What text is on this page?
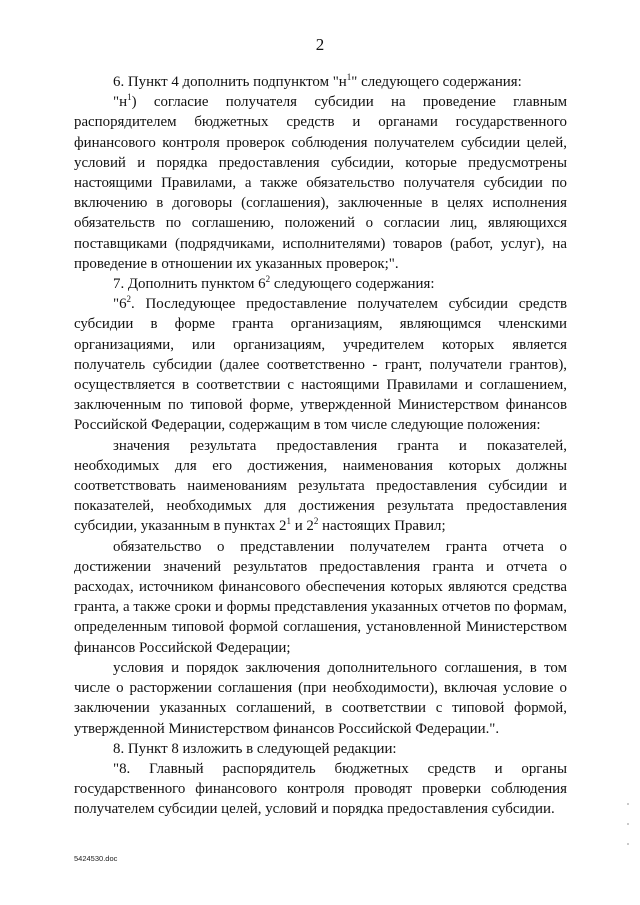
2

6. Пункт 4 дополнить подпунктом "$н^1$" следующего содержания:

"$н^1$) согласие получателя субсидии на проведение главным распорядителем бюджетных средств и органами государственного финансового контроля проверок соблюдения получателем субсидии целей, условий и порядка предоставления субсидии, которые предусмотрены настоящими Правилами, а также обязательство получателя субсидии по включению в договоры (соглашения), заключенные в целях исполнения обязательств по соглашению, положений о согласии лиц, являющихся поставщиками (подрядчиками, исполнителями) товаров (работ, услуг), на проведение в отношении их указанных проверок;".

7. Дополнить пунктом $6^2$ следующего содержания:

"$6^2$. Последующее предоставление получателем субсидии средств субсидии в форме гранта организациям, являющимся членскими организациями, или организациям, учредителем которых является получатель субсидии (далее соответственно - грант, получатели грантов), осуществляется в соответствии с настоящими Правилами и соглашением, заключенным по типовой форме, утвержденной Министерством финансов Российской Федерации, содержащим в том числе следующие положения:

значения результата предоставления гранта и показателей, необходимых для его достижения, наименования которых должны соответствовать наименованиям результата предоставления субсидии и показателей, необходимых для достижения результата предоставления субсидии, указанным в пунктах $2^1$ и $2^2$ настоящих Правил;

обязательство о представлении получателем гранта отчета о достижении значений результатов предоставления гранта и отчета о расходах, источником финансового обеспечения которых являются средства гранта, а также сроки и формы представления указанных отчетов по формам, определенным типовой формой соглашения, установленной Министерством финансов Российской Федерации;

условия и порядок заключения дополнительного соглашения, в том числе о расторжении соглашения (при необходимости), включая условие о заключении указанных соглашений, в соответствии с типовой формой, утвержденной Министерством финансов Российской Федерации.".

8. Пункт 8 изложить в следующей редакции:

"8. Главный распорядитель бюджетных средств и органы государственного финансового контроля проводят проверки соблюдения получателем субсидии целей, условий и порядка предоставления субсидии.

5424530.doc
